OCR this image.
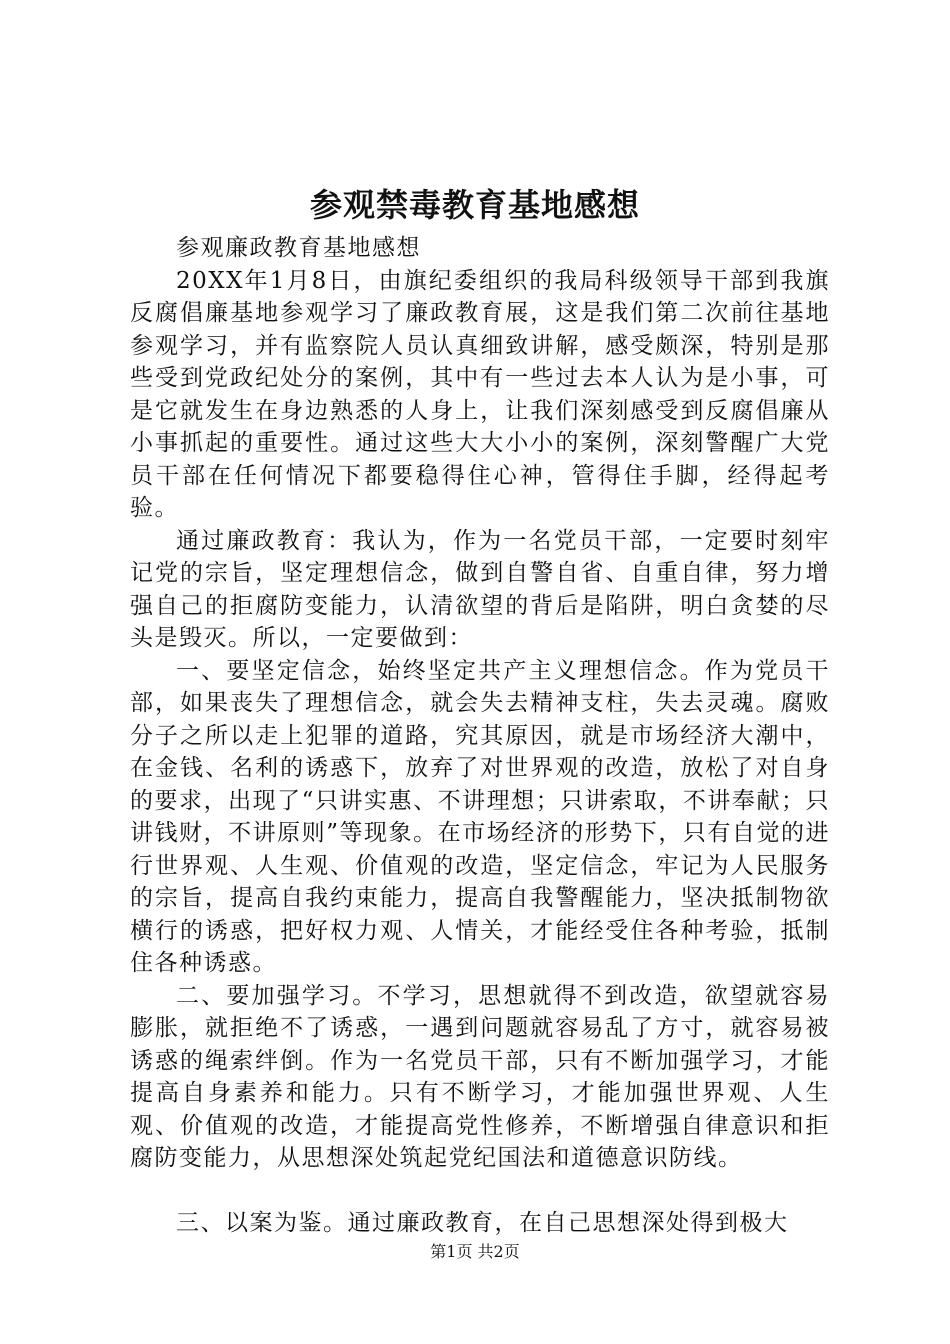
参观禁毒教育基地感想

参观廉政教育基地感想

20XX年1月8日，由旗纪委组织的我局科级领导干部到我旗反腐倡廉基地参观学习了廉政教育展，这是我们第二次前往基地参观学习，并有监察院人员认真细致讲解，感受颇深，特别是那些受到党政纪处分的案例，其中有一些过去本人认为是小事，可是它就发生在身边熟悉的人身上，让我们深刻感受到反腐倡廉从小事抓起的重要性。通过这些大大小小的案例，深刻警醒广大党员干部在任何情况下都要稳得住心神，管得住手脚，经得起考验。

通过廉政教育：我认为，作为一名党员干部，一定要时刻牢记党的宗旨，坚定理想信念，做到自警自省、自重自律，努力增强自己的拒腐防变能力，认清欲望的背后是陷阱，明白贪婪的尽头是毁灭。所以，一定要做到：

一、要坚定信念，始终坚定共产主义理想信念。作为党员干部，如果丧失了理想信念，就会失去精神支柱，失去灵魂。腐败分子之所以走上犯罪的道路，究其原因，就是市场经济大潮中，在金钱、名利的诱惑下，放弃了对世界观的改造，放松了对自身的要求，出现了“只讲实惠、不讲理想；只讲索取，不讲奉献；只讲钱财，不讲原则”等现象。在市场经济的形势下，只有自觉的进行世界观、人生观、价值观的改造，坚定信念，牢记为人民服务的宗旨，提高自我约束能力，提高自我警醒能力，坚决抵制物欲横行的诱惑，把好权力观、人情关，才能经受住各种考验，抵制住各种诱惑。

二、要加强学习。不学习，思想就得不到改造，欲望就容易膨胀，就拒绝不了诱惑，一遇到问题就容易乱了方寸，就容易被诱惑的绳索绊倒。作为一名党员干部，只有不断加强学习，才能提高自身素养和能力。只有不断学习，才能加强世界观、人生观、价值观的改造，才能提高党性修养，不断增强自律意识和拒腐防变能力，从思想深处筑起党纪国法和道德意识防线。

三、以案为鉴。通过廉政教育，在自己思想深处得到极大

第1页 共2页
